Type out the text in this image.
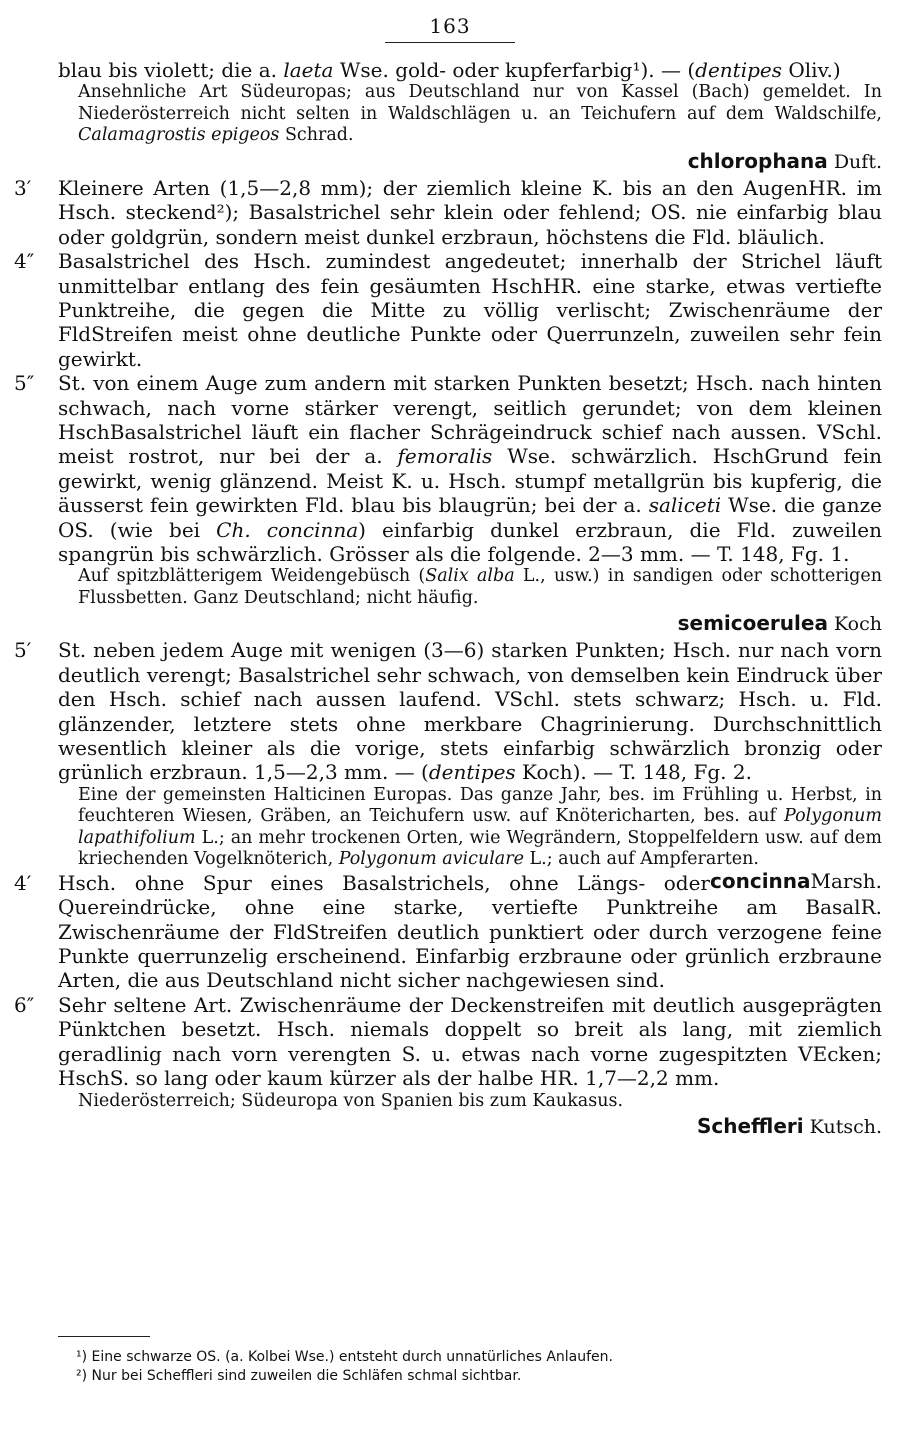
163

blau bis violett; die a. laeta Wse. gold- oder kupferfarbig¹). — (dentipes Oliv.)

Ansehnliche Art Südeuropas; aus Deutschland nur von Kassel (Bach) gemeldet. In Niederösterreich nicht selten in Waldschlägen u. an Teichufern auf dem Waldschilfe, Calamagrostis epigeos Schrad.

chlorophana Duft.
3′	Kleinere Arten (1,5—2,8 mm); der ziemlich kleine K. bis an den AugenHR. im Hsch. steckend²); Basalstrichel sehr klein oder fehlend; OS. nie einfarbig blau oder goldgrün, sondern meist dunkel erzbraun, höchstens die Fld. bläulich.

4″	Basalstrichel des Hsch. zumindest angedeutet; innerhalb der Strichel läuft unmittelbar entlang des fein gesäumten HschHR. eine starke, etwas vertiefte Punktreihe, die gegen die Mitte zu völlig verlischt; Zwischenräume der FldStreifen meist ohne deutliche Punkte oder Querrunzeln, zuweilen sehr fein gewirkt.

5″	St. von einem Auge zum andern mit starken Punkten besetzt; Hsch. nach hinten schwach, nach vorne stärker verengt, seitlich gerundet; von dem kleinen HschBasalstrichel läuft ein flacher Schrägeindruck schief nach aussen. VSchl. meist rostrot, nur bei der a. femoralis Wse. schwärzlich. HschGrund fein gewirkt, wenig glänzend. Meist K. u. Hsch. stumpf metallgrün bis kupferig, die äusserst fein gewirkten Fld. blau bis blaugrün; bei der a. saliceti Wse. die ganze OS. (wie bei Ch. concinna) einfarbig dunkel erzbraun, die Fld. zuweilen spangrün bis schwärzlich. Grösser als die folgende. 2—3 mm. — T. 148, Fg. 1.

Auf spitzblätterigem Weidengebüsch (Salix alba L., usw.) in sandigen oder schotterigen Flussbetten. Ganz Deutschland; nicht häufig.

semicoerulea Koch
5′	St. neben jedem Auge mit wenigen (3—6) starken Punkten; Hsch. nur nach vorn deutlich verengt; Basalstrichel sehr schwach, von demselben kein Eindruck über den Hsch. schief nach aussen laufend. VSchl. stets schwarz; Hsch. u. Fld. glänzender, letztere stets ohne merkbare Chagrinierung. Durchschnittlich wesentlich kleiner als die vorige, stets einfarbig schwärzlich bronzig oder grünlich erzbraun. 1,5—2,3 mm. — (dentipes Koch). — T. 148, Fg. 2.

Eine der gemeinsten Halticinen Europas. Das ganze Jahr, bes. im Frühling u. Herbst, in feuchteren Wiesen, Gräben, an Teichufern usw. auf Knötericharten, bes. auf Polygonum lapathifolium L.; an mehr trockenen Orten, wie Wegrändern, Stoppelfeldern usw. auf dem kriechenden Vogelknöterich, Polygonum aviculare L.; auch auf Ampferarten.
concinnaMarsh.

4′	Hsch. ohne Spur eines Basalstrichels, ohne Längs- oder Quereindrücke, ohne eine starke, vertiefte Punktreihe am BasalR. Zwischenräume der FldStreifen deutlich punktiert oder durch verzogene feine Punkte querrunzelig erscheinend. Einfarbig erzbraune oder grünlich erzbraune Arten, die aus Deutschland nicht sicher nachgewiesen sind.

6″	Sehr seltene Art. Zwischenräume der Deckenstreifen mit deutlich ausgeprägten Pünktchen besetzt. Hsch. niemals doppelt so breit als lang, mit ziemlich geradlinig nach vorn verengten S. u. etwas nach vorne zugespitzten VEcken; HschS. so lang oder kaum kürzer als der halbe HR. 1,7—2,2 mm.

Niederösterreich; Südeuropa von Spanien bis zum Kaukasus.

Scheffleri Kutsch.
¹) Eine schwarze OS. (a. Kolbei Wse.) entsteht durch unnatürliches Anlaufen.
²) Nur bei Scheffleri sind zuweilen die Schläfen schmal sichtbar.
